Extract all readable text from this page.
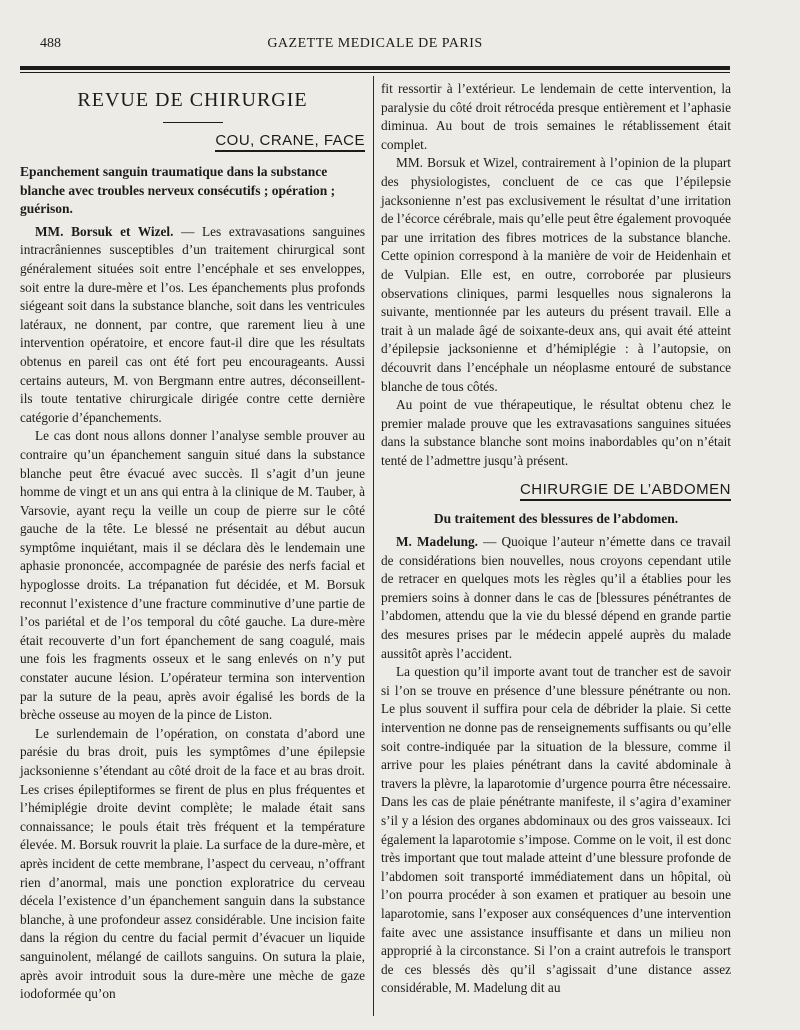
488	GAZETTE MEDICALE DE PARIS
REVUE DE CHIRURGIE
COU, CRANE, FACE
Epanchement sanguin traumatique dans la substance blanche avec troubles nerveux consécutifs ; opération ; guérison.

MM. Borsuk et Wizel. — Les extravasations sanguines intracrâniennes susceptibles d’un traitement chirurgical sont généralement situées soit entre l’encéphale et ses enveloppes, soit entre la dure-mère et l’os. Les épanchements plus profonds siégeant soit dans la substance blanche, soit dans les ventricules latéraux, ne donnent, par contre, que rarement lieu à une intervention opératoire, et encore faut-il dire que les résultats obtenus en pareil cas ont été fort peu encourageants. Aussi certains auteurs, M. von Bergmann entre autres, déconseillent-ils toute tentative chirurgicale dirigée contre cette dernière catégorie d’épanchements.

Le cas dont nous allons donner l’analyse semble prouver au contraire qu’un épanchement sanguin situé dans la substance blanche peut être évacué avec succès. Il s’agit d’un jeune homme de vingt et un ans qui entra à la clinique de M. Tauber, à Varsovie, ayant reçu la veille un coup de pierre sur le côté gauche de la tête. Le blessé ne présentait au début aucun symptôme inquiétant, mais il se déclara dès le lendemain une aphasie prononcée, accompagnée de parésie des nerfs facial et hypoglosse droits. La trépanation fut décidée, et M. Borsuk reconnut l’existence d’une fracture comminutive d’une partie de l’os pariétal et de l’os temporal du côté gauche. La dure-mère était recouverte d’un fort épanchement de sang coagulé, mais une fois les fragments osseux et le sang enlevés on n’y put constater aucune lésion. L’opérateur termina son intervention par la suture de la peau, après avoir égalisé les bords de la brèche osseuse au moyen de la pince de Liston.

Le surlendemain de l’opération, on constata d’abord une parésie du bras droit, puis les symptômes d’une épilepsie jacksonienne s’étendant au côté droit de la face et au bras droit. Les crises épileptiformes se firent de plus en plus fréquentes et l’hémiplégie droite devint complète; le malade était sans connaissance; le pouls était très fréquent et la température élevée. M. Borsuk rouvrit la plaie. La surface de la dure-mère, et après incident de cette membrane, l’aspect du cerveau, n’offrant rien d’anormal, mais une ponction exploratrice du cerveau décela l’existence d’un épanchement sanguin dans la substance blanche, à une profondeur assez considérable. Une incision faite dans la région du centre du facial permit d’évacuer un liquide sanguinolent, mélangé de caillots sanguins. On sutura la plaie, après avoir introduit sous la dure-mère une mèche de gaze iodoformée qu’on

fit ressortir à l’extérieur. Le lendemain de cette intervention, la paralysie du côté droit rétrocéda presque entièrement et l’aphasie diminua. Au bout de trois semaines le rétablissement était complet.

MM. Borsuk et Wizel, contrairement à l’opinion de la plupart des physiologistes, concluent de ce cas que l’épilepsie jacksonienne n’est pas exclusivement le résultat d’une irritation de l’écorce cérébrale, mais qu’elle peut être également provoquée par une irritation des fibres motrices de la substance blanche. Cette opinion correspond à la manière de voir de Heidenhain et de Vulpian. Elle est, en outre, corroborée par plusieurs observations cliniques, parmi lesquelles nous signalerons la suivante, mentionnée par les auteurs du présent travail. Elle a trait à un malade âgé de soixante-deux ans, qui avait été atteint d’épilepsie jacksonienne et d’hémiplégie : à l’autopsie, on découvrit dans l’encéphale un néoplasme entouré de substance blanche de tous côtés.

Au point de vue thérapeutique, le résultat obtenu chez le premier malade prouve que les extravasations sanguines situées dans la substance blanche sont moins inabordables qu’on n’était tenté de l’admettre jusqu’à présent.

CHIRURGIE DE L’ABDOMEN
Du traitement des blessures de l’abdomen.

M. Madelung. — Quoique l’auteur n’émette dans ce travail de considérations bien nouvelles, nous croyons cependant utile de retracer en quelques mots les règles qu’il a établies pour les premiers soins à donner dans le cas de [blessures pénétrantes de l’abdomen, attendu que la vie du blessé dépend en grande partie des mesures prises par le médecin appelé auprès du malade aussitôt après l’accident.

La question qu’il importe avant tout de trancher est de savoir si l’on se trouve en présence d’une blessure pénétrante ou non. Le plus souvent il suffira pour cela de débrider la plaie. Si cette intervention ne donne pas de renseignements suffisants ou qu’elle soit contre-indiquée par la situation de la blessure, comme il arrive pour les plaies pénétrant dans la cavité abdominale à travers la plèvre, la laparotomie d’urgence pourra être nécessaire. Dans les cas de plaie pénétrante manifeste, il s’agira d’examiner s’il y a lésion des organes abdominaux ou des gros vaisseaux. Ici également la laparotomie s’impose. Comme on le voit, il est donc très important que tout malade atteint d’une blessure profonde de l’abdomen soit transporté immédiatement dans un hôpital, où l’on pourra procéder à son examen et pratiquer au besoin une laparotomie, sans l’exposer aux conséquences d’une intervention faite avec une assistance insuffisante et dans un milieu non approprié à la circonstance. Si l’on a craint autrefois le transport de ces blessés dès qu’il s’agissait d’une distance assez considérable, M. Madelung dit au
